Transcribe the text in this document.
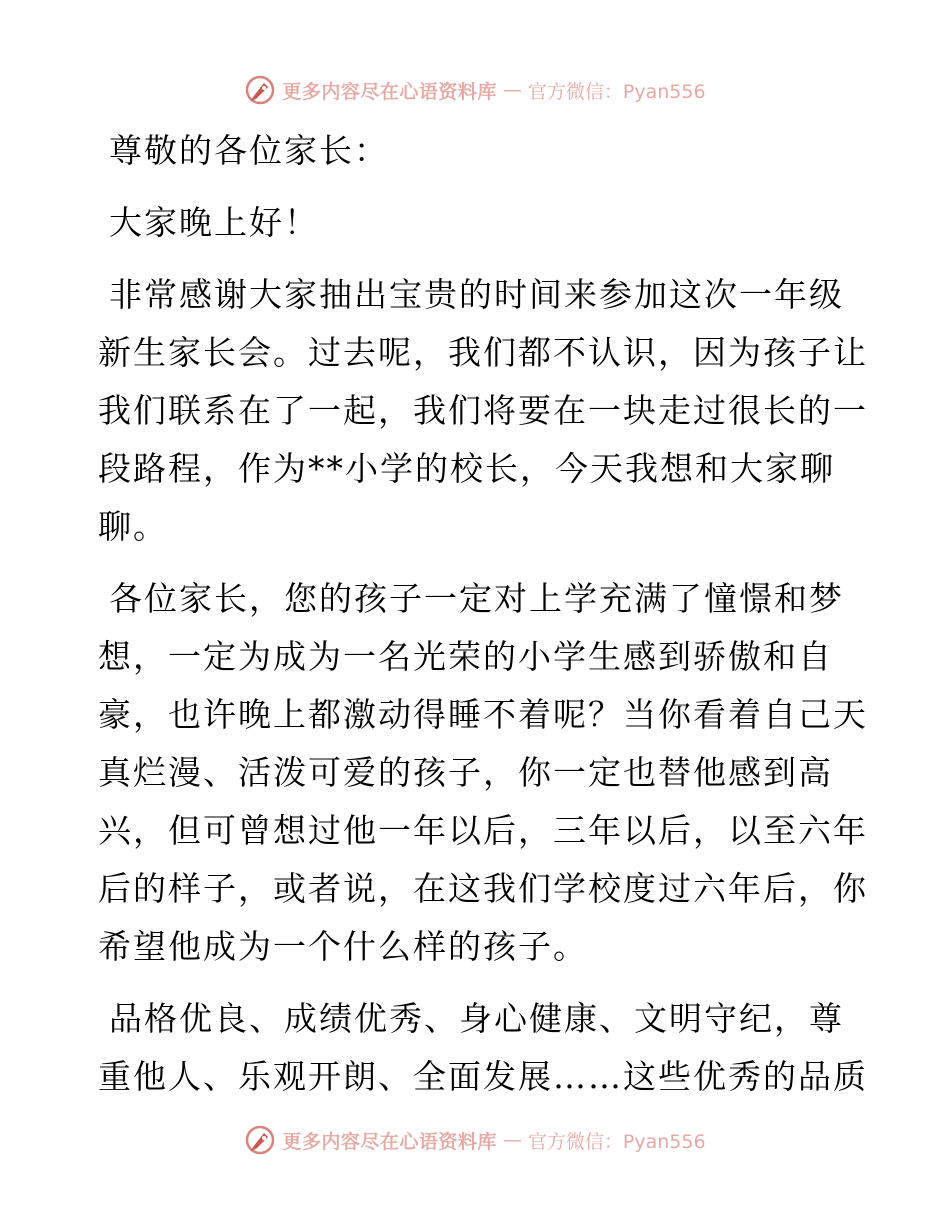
更多内容尽在心语资料库 — 官方微信：Pyan556
尊敬的各位家长：
大家晚上好！
非常感谢大家抽出宝贵的时间来参加这次一年级
新生家长会。过去呢，我们都不认识，因为孩子让
我们联系在了一起，我们将要在一块走过很长的一
段路程，作为**小学的校长，今天我想和大家聊
聊。
各位家长，您的孩子一定对上学充满了憧憬和梦
想，一定为成为一名光荣的小学生感到骄傲和自
豪，也许晚上都激动得睡不着呢？当你看着自己天
真烂漫、活泼可爱的孩子，你一定也替他感到高
兴，但可曾想过他一年以后，三年以后，以至六年
后的样子，或者说，在这我们学校度过六年后，你
希望他成为一个什么样的孩子。
品格优良、成绩优秀、身心健康、文明守纪，尊
重他人、乐观开朗、全面发展……这些优秀的品质
更多内容尽在心语资料库 — 官方微信：Pyan556
